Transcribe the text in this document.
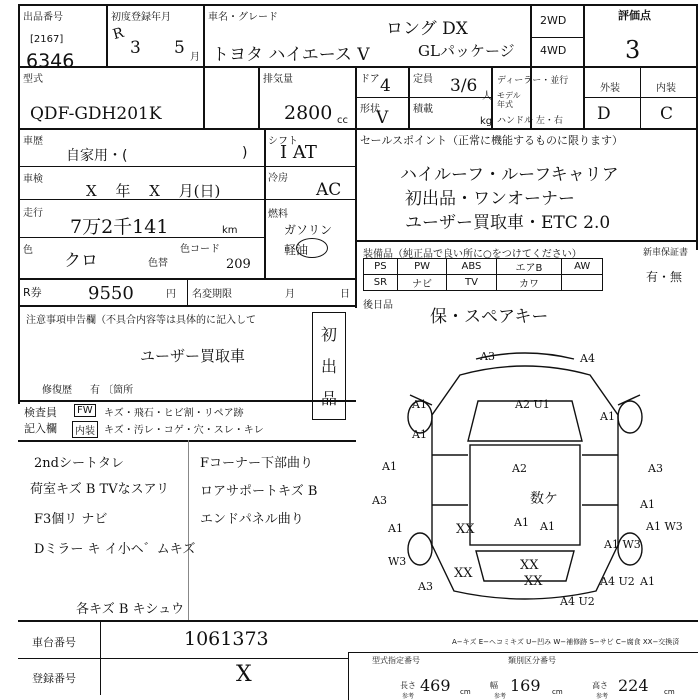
出品番号
[2167]
6346
初度登録年月
R
3 5 月
車名・グレード
ロング DX
トヨタ ハイエース V	GLパッケージ
2WD
4WD
評価点
3
型式
QDF-GDH201K
排気量
2800 cc
ドア 4 定員 3/6
人
形状
V 積載
kg
ディーラー・並行
モデル
年式
ハンドル 左・右
外装	内装
D	C
車歴
自家用・(	)
車検
X 年 X 月(日)
走行
7万2千141	km
色
クロ	色替
色コード
209
シフト
I AT
冷房
AC
燃料
ガソリン 軽油
R券	9550	円 名変期限	月	日
セールスポイント（正常に機能するものに限ります）
ハイルーフ・ルーフキャリア
初出品・ワンオーナー
ユーザー買取車・ETC 2.0
装備品（純正品で良い所に○をつけてください）	新車保証書
有・無
PS	PW	ABS	エアB	AW
SR	ナビ	TV	カワ	
後日品
保・スペアキー
注意事項申告欄（不具合内容等は具体的に記入して
ユーザー買取車
修復歴 有 〔箇所
初 出 品
検査員
記入欄
FW	キズ・飛石・ヒビ割・リペア跡
内装 キズ・汚レ・コゲ・穴・スレ・キレ
2ndシートタレ
荷室キズ B TVなスアリ
F3個リ ナビ
Dミラー キ イ小ヘ゛ムキズ
Fコーナー下部曲り
ロアサポートキズ B
エンドパネル曲り
各キズ B キシュウ
A3	A4
A1	A2 U1
A1	A2	A3
A3
A1	A1 W3
A1
A3
A4 U2
XX
W3
XX
XX
A1
A1 W3
A1
XX
A1
A1
A4 U2
A1
数ケ
A−キズ E−ヘコミキズ U−凹み W−補修跡 S−サビ C−腐食 XX−交換済
車台番号	1061373
登録番号	X
型式指定番号	類別区分番号
長さ 469 cm
幅 169 cm
高さ 224 cm
参考	参考	参考
